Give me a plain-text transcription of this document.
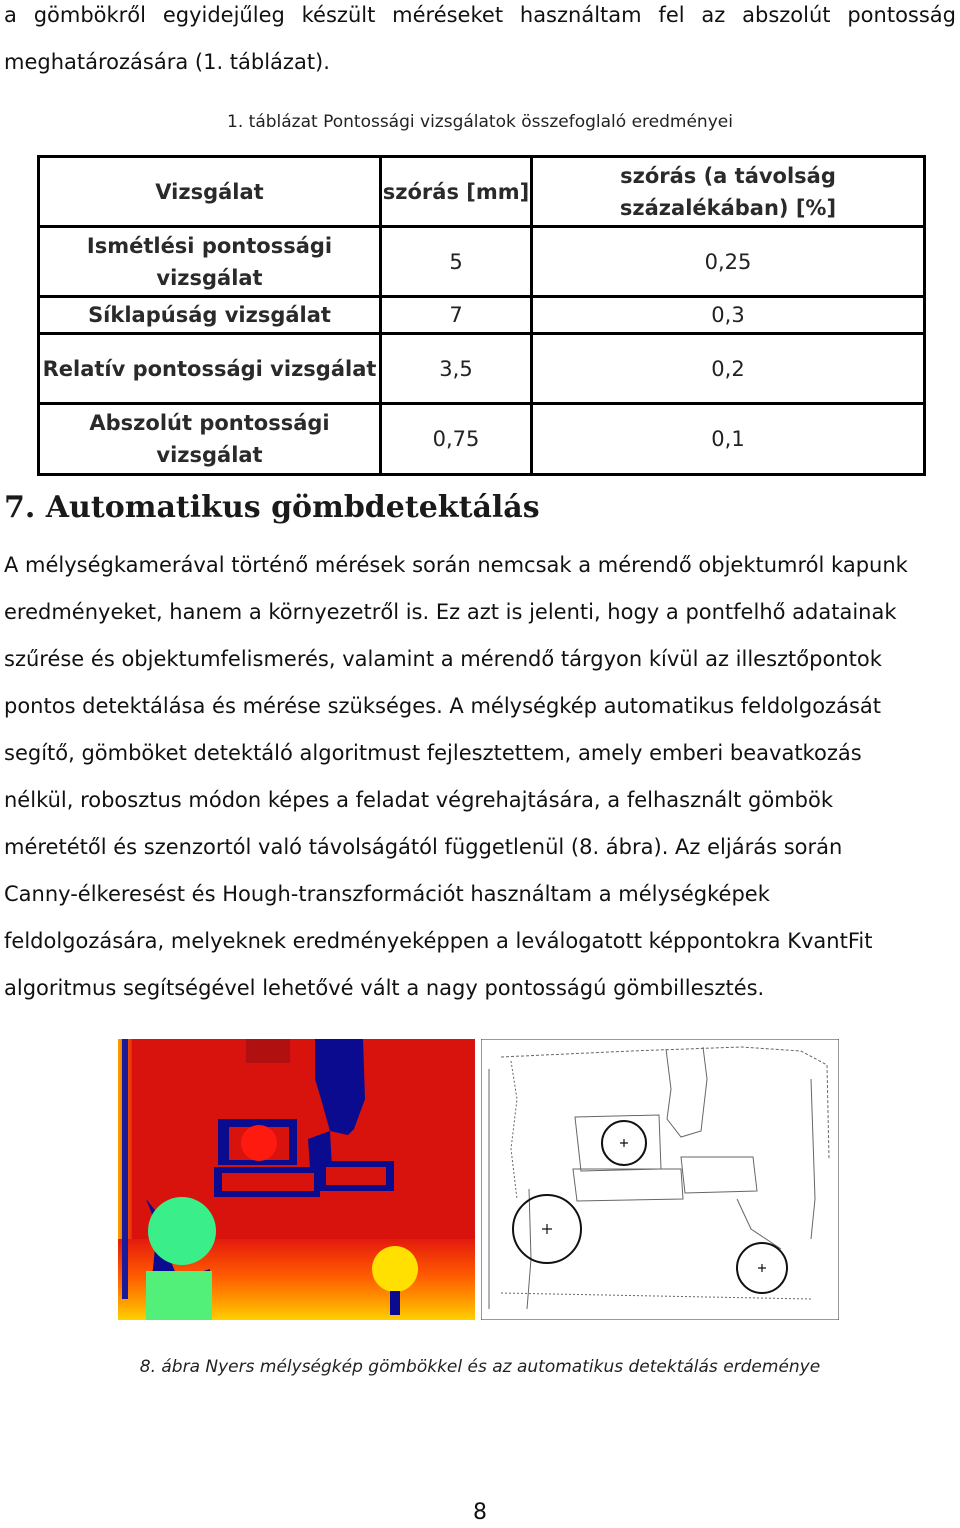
a gömbökről egyidejűleg készült méréseket használtam fel az abszolút pontosság
meghatározására (1. táblázat).

1. táblázat Pontossági vizsgálatok összefoglaló eredményei
Vizsgálat	szórás [mm]	szórás (a távolság százalékában) [%]
Ismétlési pontossági vizsgálat	5	0,25
Síklapúság vizsgálat	7	0,3
Relatív pontossági vizsgálat	3,5	0,2
Abszolút pontossági vizsgálat	0,75	0,1
7. Automatikus gömbdetektálás

A mélységkamerával történő mérések során nemcsak a mérendő objektumról kapunk
eredményeket, hanem a környezetről is. Ez azt is jelenti, hogy a pontfelhő adatainak
szűrése és objektumfelismerés, valamint a mérendő tárgyon kívül az illesztőpontok
pontos detektálása és mérése szükséges. A mélységkép automatikus feldolgozását
segítő, gömböket detektáló algoritmust fejlesztettem, amely emberi beavatkozás
nélkül, robosztus módon képes a feladat végrehajtására, a felhasznált gömbök
méretétől és szenzortól való távolságától függetlenül (8. ábra). Az eljárás során
Canny-élkeresést és Hough-transzformációt használtam a mélységképek
feldolgozására, melyeknek eredményeképpen a leválogatott képpontokra KvantFit
algoritmus segítségével lehetővé vált a nagy pontosságú gömbillesztés.

8. ábra Nyers mélységkép gömbökkel és az automatikus detektálás erdeménye
8
